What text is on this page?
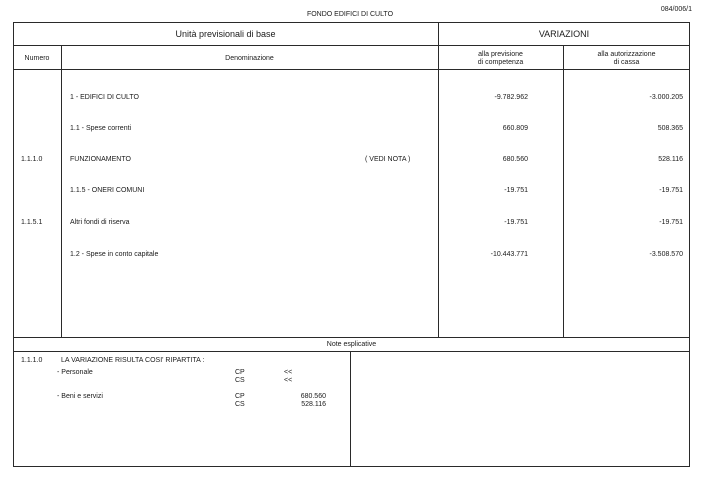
FONDO EDIFICI DI CULTO
084/006/1
Unità previsionali di base	VARIAZIONI
Numero	Denominazione
alla previsione
di competenza
alla autorizzazione
di cassa
1 - EDIFICI DI CULTO	-9.782.962	-3.000.205
1.1 - Spese correnti	660.809	508.365
1.1.1.0	FUNZIONAMENTO	( VEDI NOTA )	680.560	528.116
1.1.5 - ONERI COMUNI	-19.751	-19.751
1.1.5.1	Altri fondi di riserva	-19.751	-19.751
1.2 - Spese in conto capitale	-10.443.771	-3.508.570
Note esplicative
1.1.1.0	LA VARIAZIONE RISULTA COSI' RIPARTITA :
- Personale	CP	<<
CS	<<
- Beni e servizi	CP	680.560
CS	528.116
